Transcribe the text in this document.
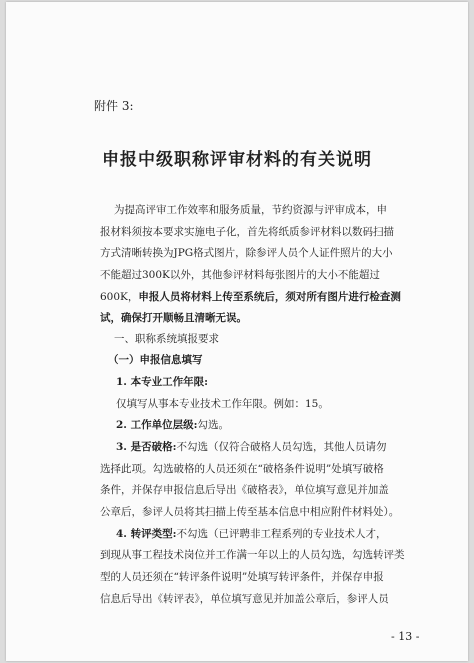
附件 3:
申报中级职称评审材料的有关说明
为提高评审工作效率和服务质量，节约资源与评审成本，申
报材料须按本要求实施电子化，首先将纸质参评材料以数码扫描
方式清晰转换为JPG格式图片，除参评人员个人证件照片的大小
不能超过300K以外，其他参评材料每张图片的大小不能超过
600K，申报人员将材料上传至系统后，须对所有图片进行检查测
试，确保打开顺畅且清晰无误。
一、职称系统填报要求
（一）申报信息填写
1. 本专业工作年限:
仅填写从事本专业技术工作年限。例如：15。
2. 工作单位层级:勾选。
3. 是否破格:不勾选（仅符合破格人员勾选，其他人员请勿
选择此项。勾选破格的人员还须在“破格条件说明”处填写破格
条件，并保存申报信息后导出《破格表》，单位填写意见并加盖
公章后，参评人员将其扫描上传至基本信息中相应附件材料处）。
4. 转评类型:不勾选（已评聘非工程系列的专业技术人才，
到现从事工程技术岗位并工作满一年以上的人员勾选，勾选转评类
型的人员还须在“转评条件说明”处填写转评条件，并保存申报
信息后导出《转评表》，单位填写意见并加盖公章后，参评人员
- 13 -
